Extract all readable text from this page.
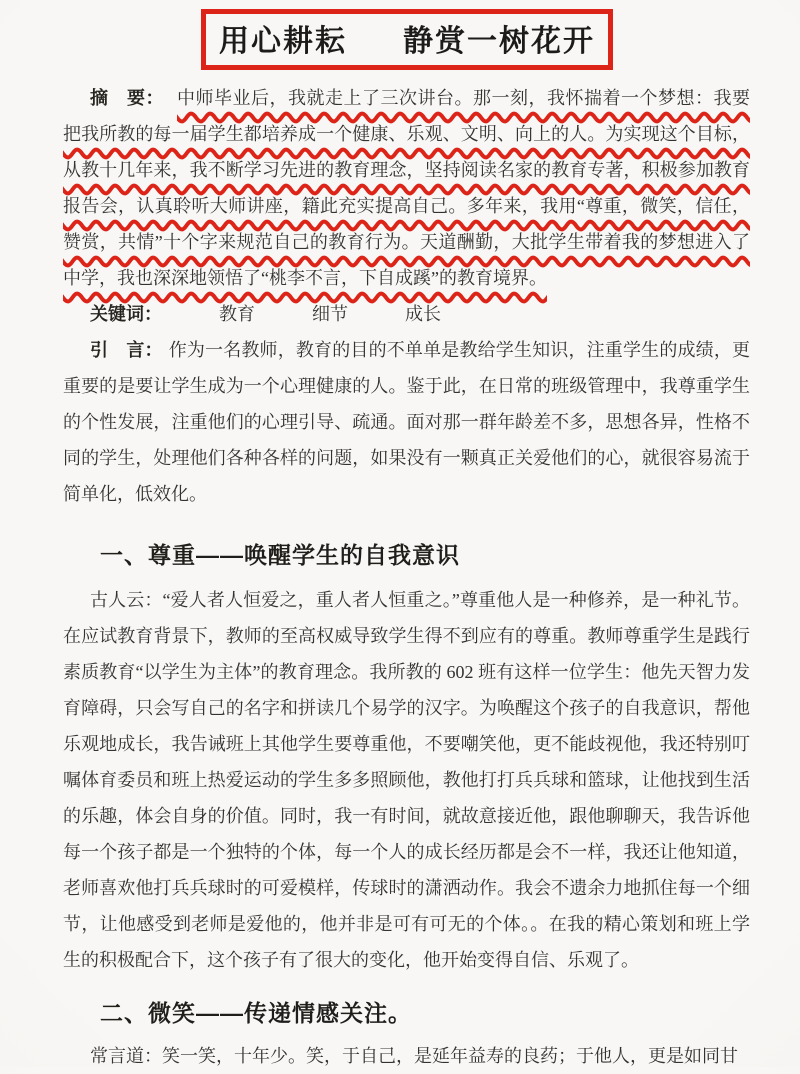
用心耕耘 静赏一树花开

摘　要： 中师毕业后，我就走上了三次讲台。那一刻，我怀揣着一个梦想：我要把我所教的每一届学生都培养成一个健康、乐观、文明、向上的人。为实现这个目标，从教十几年来，我不断学习先进的教育理念，坚持阅读名家的教育专著，积极参加教育报告会，认真聆听大师讲座，籍此充实提高自己。多年来，我用“尊重，微笑，信任，赞赏，共情”十个字来规范自己的教育行为。天道酬勤，大批学生带着我的梦想进入了中学，我也深深地领悟了“桃李不言，下自成蹊”的教育境界。

关键词：	教育	细节	成长

引　言： 作为一名教师，教育的目的不单单是教给学生知识，注重学生的成绩，更重要的是要让学生成为一个心理健康的人。鉴于此，在日常的班级管理中，我尊重学生的个性发展，注重他们的心理引导、疏通。面对那一群年龄差不多，思想各异，性格不同的学生，处理他们各种各样的问题，如果没有一颗真正关爱他们的心，就很容易流于简单化，低效化。

一、尊重——唤醒学生的自我意识

古人云：“爱人者人恒爱之，重人者人恒重之。”尊重他人是一种修养，是一种礼节。在应试教育背景下，教师的至高权威导致学生得不到应有的尊重。教师尊重学生是践行素质教育“以学生为主体”的教育理念。我所教的 602 班有这样一位学生：他先天智力发育障碍，只会写自己的名字和拼读几个易学的汉字。为唤醒这个孩子的自我意识，帮他乐观地成长，我告诫班上其他学生要尊重他，不要嘲笑他，更不能歧视他，我还特别叮嘱体育委员和班上热爱运动的学生多多照顾他，教他打打兵兵球和篮球，让他找到生活的乐趣，体会自身的价值。同时，我一有时间，就故意接近他，跟他聊聊天，我告诉他每一个孩子都是一个独特的个体，每一个人的成长经历都是会不一样，我还让他知道，老师喜欢他打兵兵球时的可爱模样，传球时的潇洒动作。我会不遗余力地抓住每一个细节，让他感受到老师是爱他的，他并非是可有可无的个体。。在我的精心策划和班上学生的积极配合下，这个孩子有了很大的变化，他开始变得自信、乐观了。

二、微笑——传递情感关注。

常言道：笑一笑，十年少。笑，于自己，是延年益寿的良药；于他人，更是如同甘
